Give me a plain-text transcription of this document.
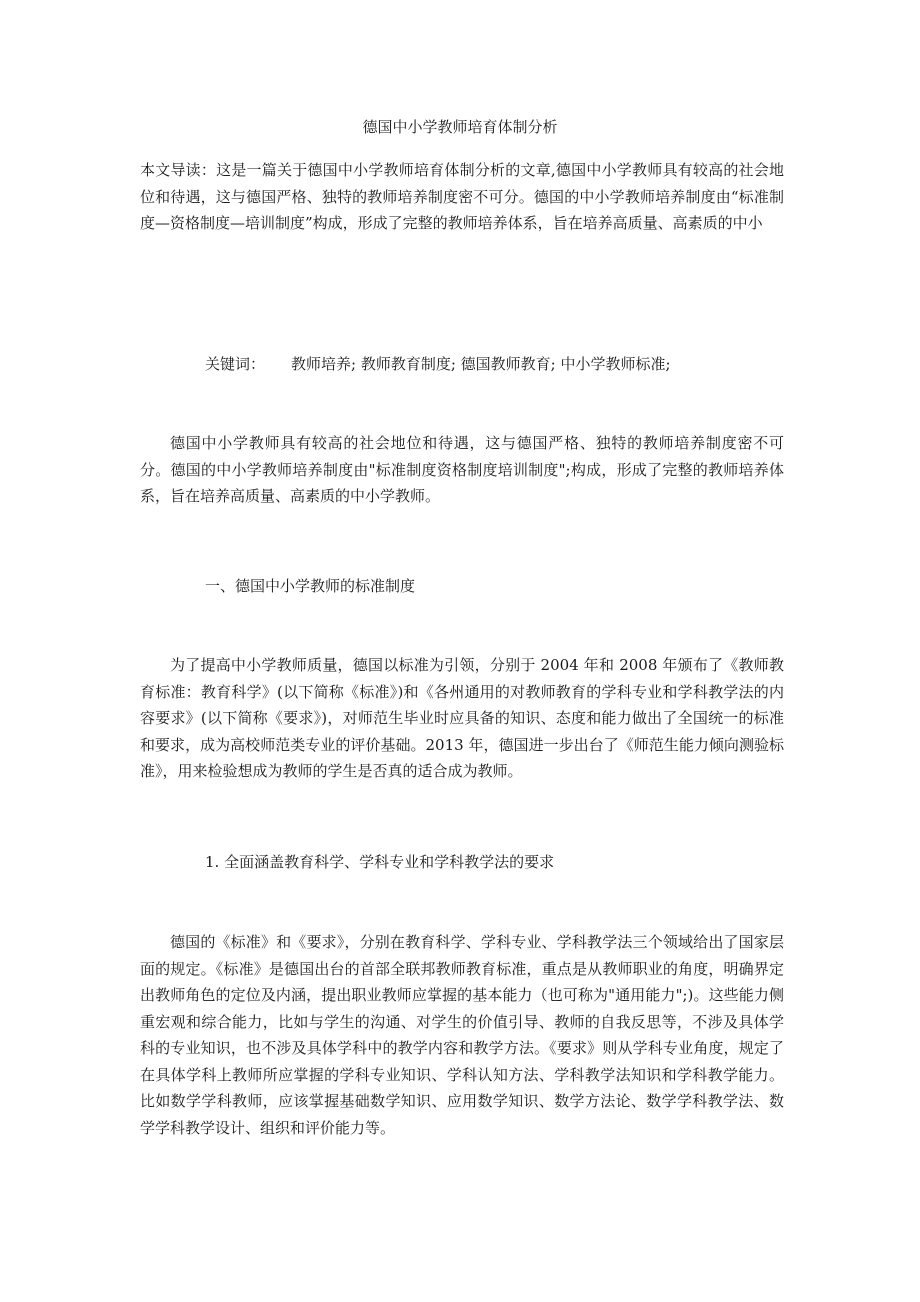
德国中小学教师培育体制分析
本文导读：这是一篇关于德国中小学教师培育体制分析的文章,德国中小学教师具有较高的社会地位和待遇，这与德国严格、独特的教师培养制度密不可分。德国的中小学教师培养制度由“标准制度—资格制度—培训制度”构成，形成了完整的教师培养体系，旨在培养高质量、高素质的中小
关键词： 教师培养; 教师教育制度; 德国教师教育; 中小学教师标准;
德国中小学教师具有较高的社会地位和待遇，这与德国严格、独特的教师培养制度密不可分。德国的中小学教师培养制度由"标准制度资格制度培训制度";构成，形成了完整的教师培养体系，旨在培养高质量、高素质的中小学教师。
一、德国中小学教师的标准制度
为了提高中小学教师质量，德国以标准为引领，分别于 2004 年和 2008 年颁布了《教师教育标准：教育科学》(以下简称《标准》)和《各州通用的对教师教育的学科专业和学科教学法的内容要求》(以下简称《要求》)，对师范生毕业时应具备的知识、态度和能力做出了全国统一的标准和要求，成为高校师范类专业的评价基础。2013 年，德国进一步出台了《师范生能力倾向测验标准》，用来检验想成为教师的学生是否真的适合成为教师。
1. 全面涵盖教育科学、学科专业和学科教学法的要求
德国的《标准》和《要求》，分别在教育科学、学科专业、学科教学法三个领域给出了国家层面的规定。《标准》是德国出台的首部全联邦教师教育标准，重点是从教师职业的角度，明确界定出教师角色的定位及内涵，提出职业教师应掌握的基本能力（也可称为"通用能力";)。这些能力侧重宏观和综合能力，比如与学生的沟通、对学生的价值引导、教师的自我反思等，不涉及具体学科的专业知识，也不涉及具体学科中的教学内容和教学方法。《要求》则从学科专业角度，规定了在具体学科上教师所应掌握的学科专业知识、学科认知方法、学科教学法知识和学科教学能力。比如数学学科教师，应该掌握基础数学知识、应用数学知识、数学方法论、数学学科教学法、数学学科教学设计、组织和评价能力等。
